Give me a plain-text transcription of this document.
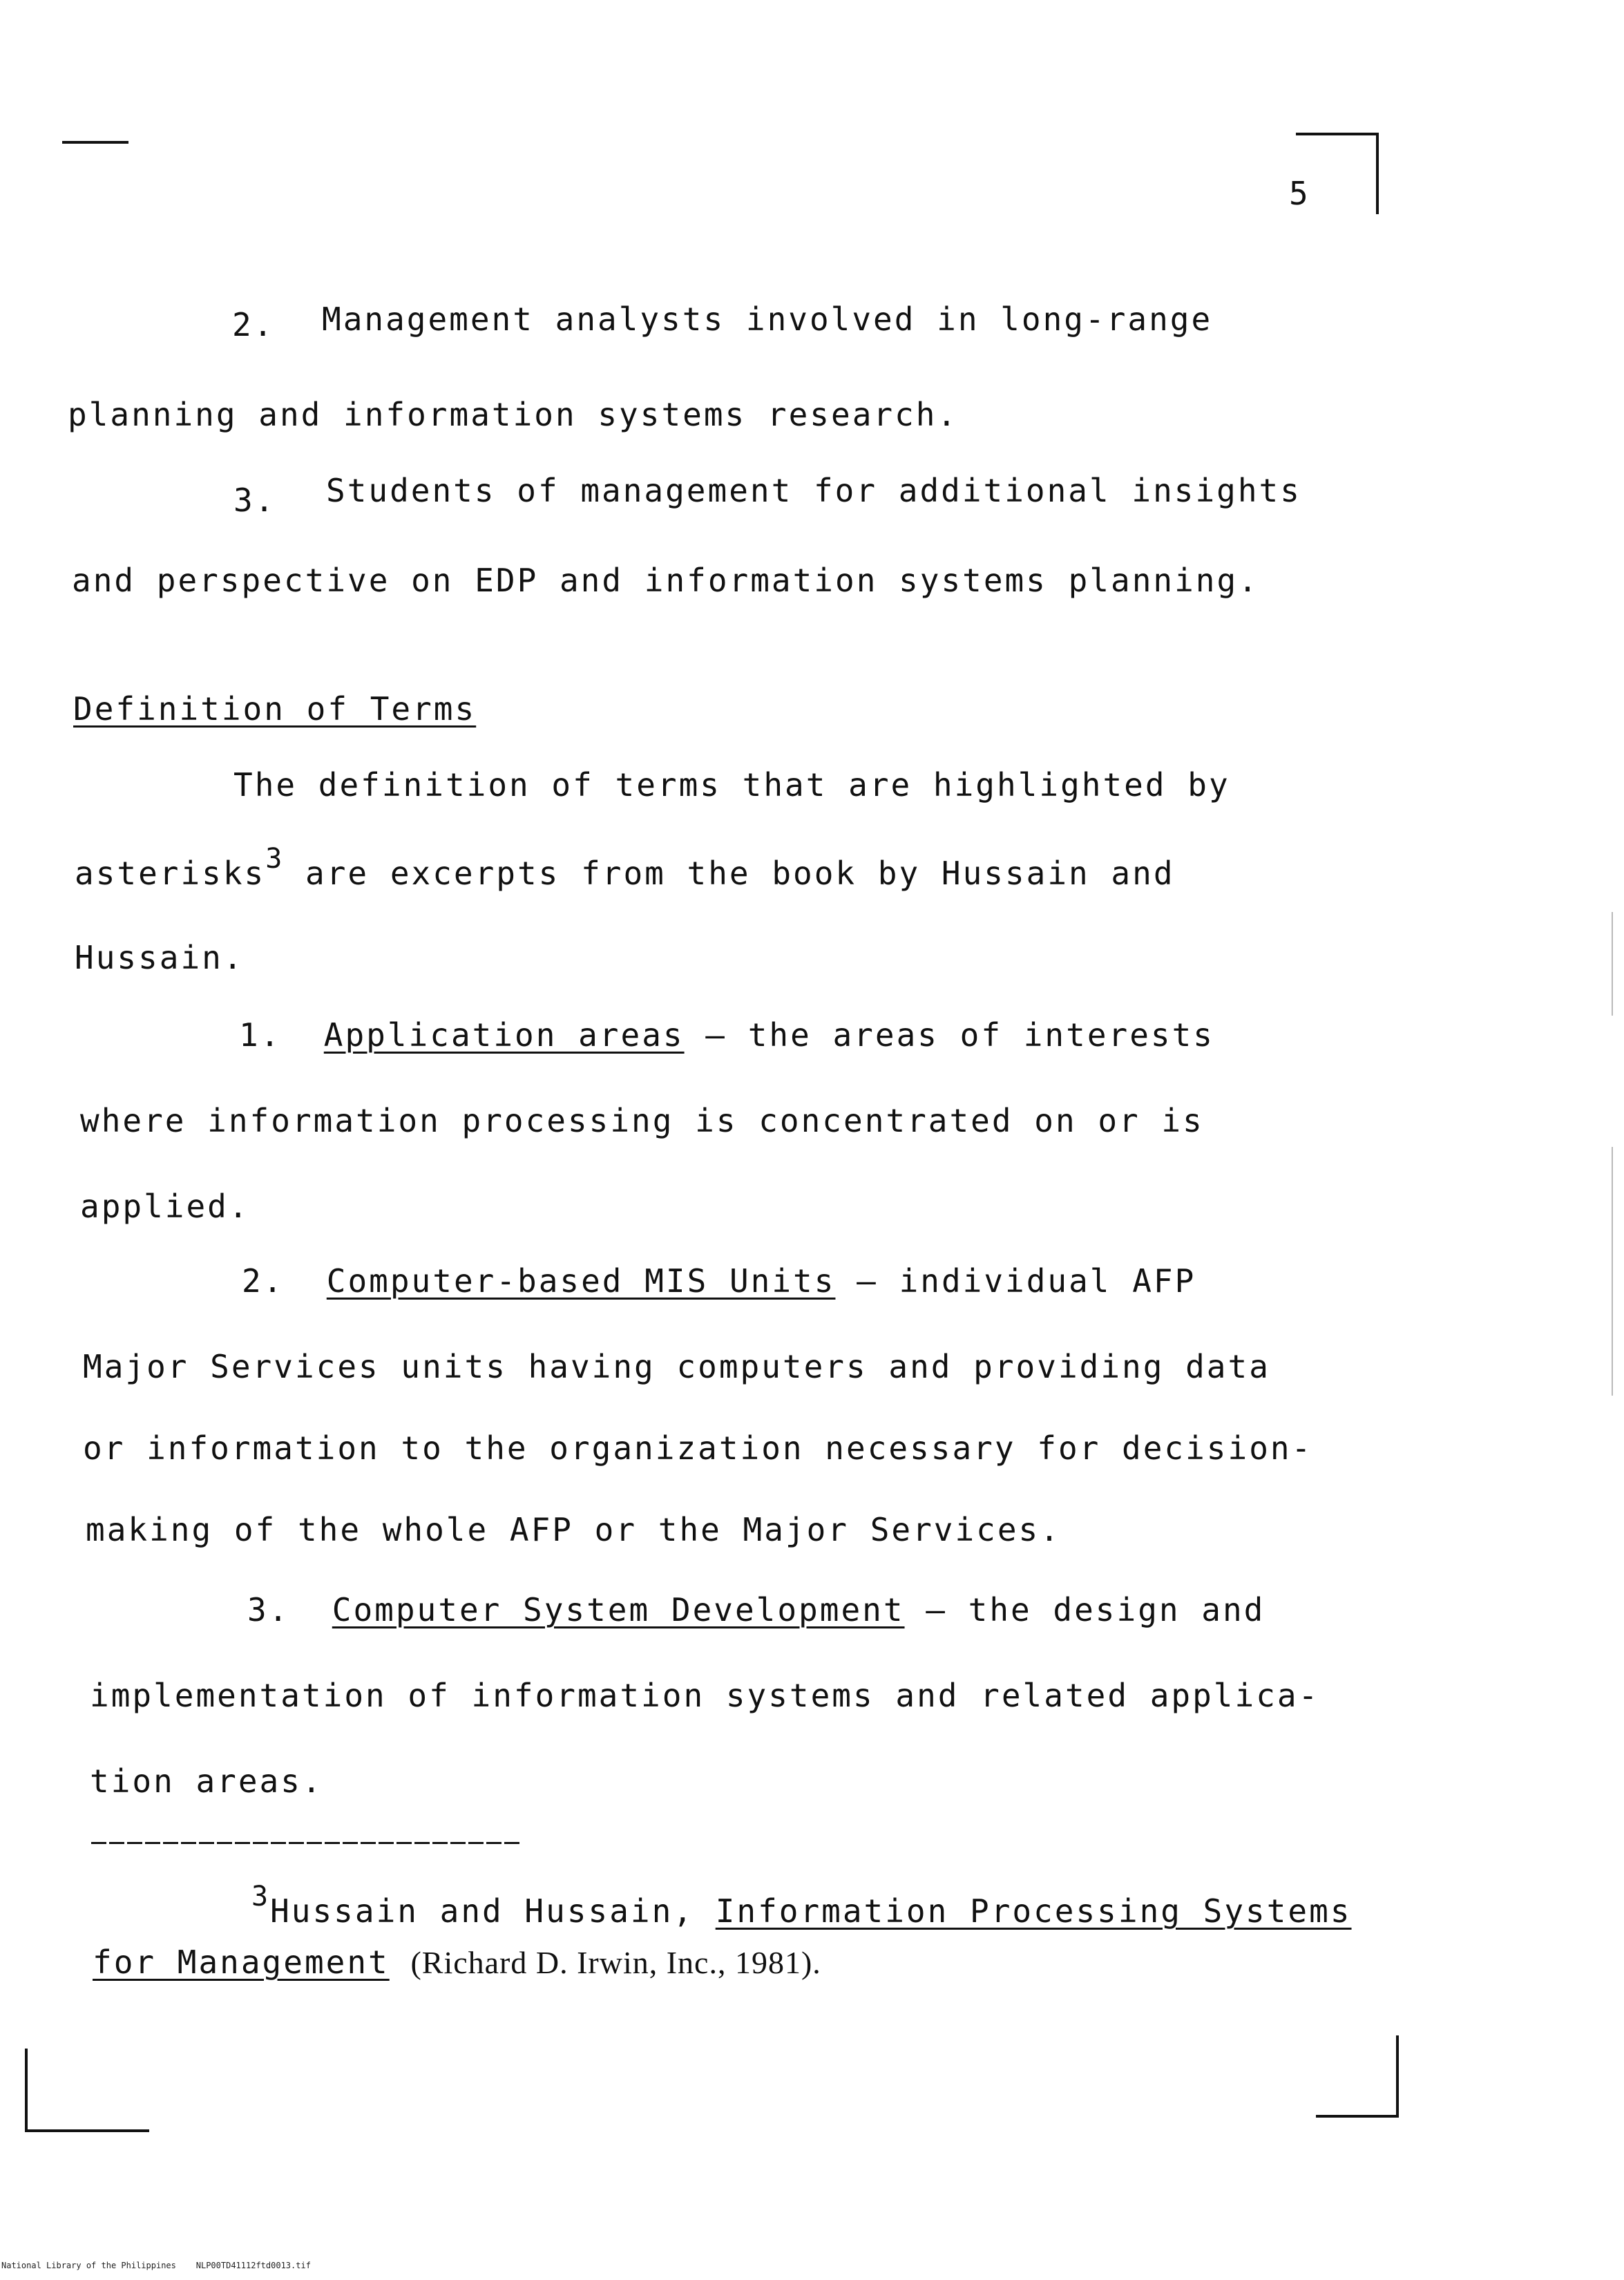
5
2. Management analysts involved in long-range
planning and information systems research.
3. Students of management for additional insights
and perspective on EDP and information systems planning.
Definition of Terms
The definition of terms that are highlighted by
asterisks3 are excerpts from the book by Hussain and
Hussain.
1. Application areas – the areas of interests
where information processing is concentrated on or is
applied.
2. Computer-based MIS Units – individual AFP
Major Services units having computers and providing data
or information to the organization necessary for decision-
making of the whole AFP or the Major Services.
3. Computer System Development – the design and
implementation of information systems and related applica-
tion areas.
3Hussain and Hussain, Information Processing Systems
for Management (Richard D. Irwin, Inc., 1981).
National Library of the Philippines    NLP00TD41112ftd0013.tif
